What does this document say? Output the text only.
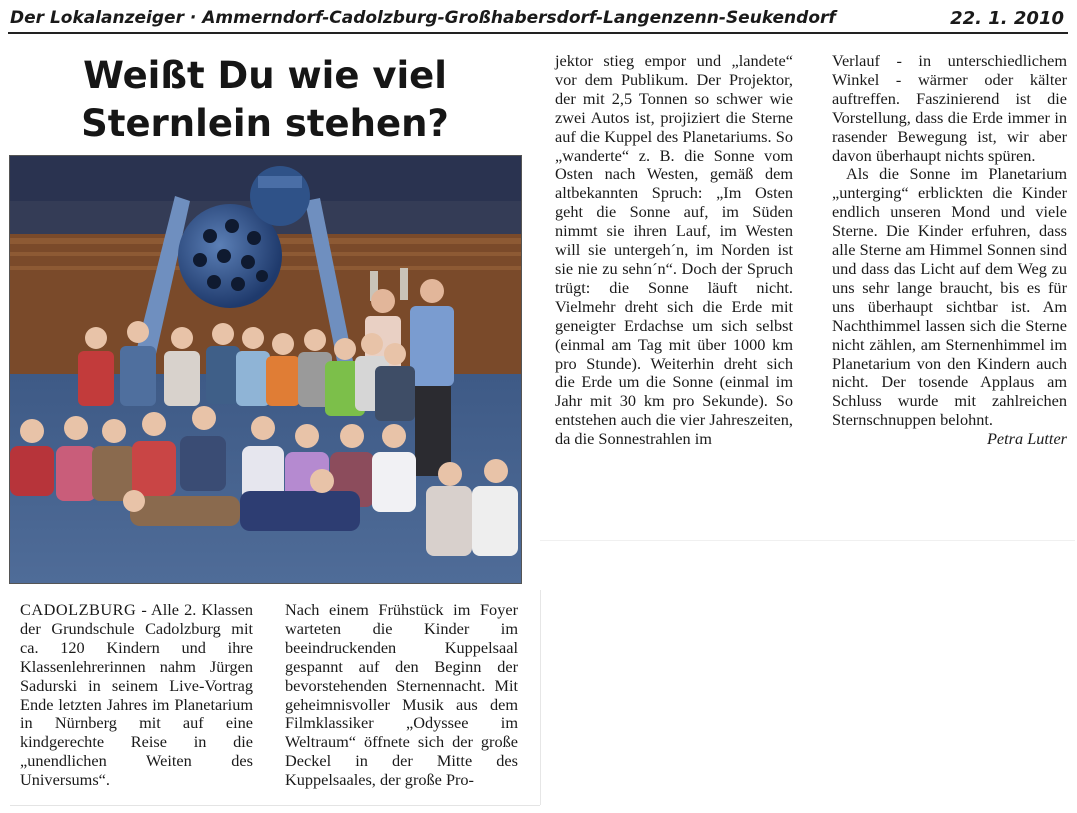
Der Lokalanzeiger · Ammerndorf-Cadolzburg-Großhabersdorf-Langenzenn-Seukendorf	22. 1. 2010
Weißt Du wie viel
Sternlein stehen?

CADOLZBURG - Alle 2. Klassen der Grundschule Cadolzburg mit ca. 120 Kindern und ihre Klassenlehrerinnen nahm Jürgen Sadurski in seinem Live-Vortrag Ende letzten Jahres im Planetarium in Nürnberg mit auf eine kindgerechte Reise in die „unendlichen Weiten des Universums“.

Nach einem Frühstück im Foyer warteten die Kinder im beeindruckenden Kuppelsaal gespannt auf den Beginn der bevorstehenden Sternennacht. Mit geheimnisvoller Musik aus dem Filmklassiker „Odyssee im Weltraum“ öffnete sich der große Deckel in der Mitte des Kuppelsaales, der große Pro-

jektor stieg empor und „landete“ vor dem Publikum. Der Projektor, der mit 2,5 Tonnen so schwer wie zwei Autos ist, projiziert die Sterne auf die Kuppel des Planetariums. So „wanderte“ z. B. die Sonne vom Osten nach Westen, gemäß dem altbekannten Spruch: „Im Osten geht die Sonne auf, im Süden nimmt sie ihren Lauf, im Westen will sie untergeh´n, im Norden ist sie nie zu sehn´n“. Doch der Spruch trügt: die Sonne läuft nicht. Vielmehr dreht sich die Erde mit geneigter Erdachse um sich selbst (einmal am Tag mit über 1000 km pro Stunde). Weiterhin dreht sich die Erde um die Sonne (einmal im Jahr mit 30 km pro Sekunde). So entstehen auch die vier Jahreszeiten, da die Sonnestrahlen im

Verlauf - in unterschiedlichem Winkel - wärmer oder kälter auftreffen. Faszinierend ist die Vorstellung, dass die Erde immer in rasender Bewegung ist, wir aber davon überhaupt nichts spüren.

Als die Sonne im Planetarium „unterging“ erblickten die Kinder endlich unseren Mond und viele Sterne. Die Kinder erfuhren, dass alle Sterne am Himmel Sonnen sind und dass das Licht auf dem Weg zu uns sehr lange braucht, bis es für uns überhaupt sichtbar ist. Am Nachthimmel lassen sich die Sterne nicht zählen, am Sternenhimmel im Planetarium von den Kindern auch nicht. Der tosende Applaus am Schluss wurde mit zahlreichen Sternschnuppen belohnt.

Petra Lutter
